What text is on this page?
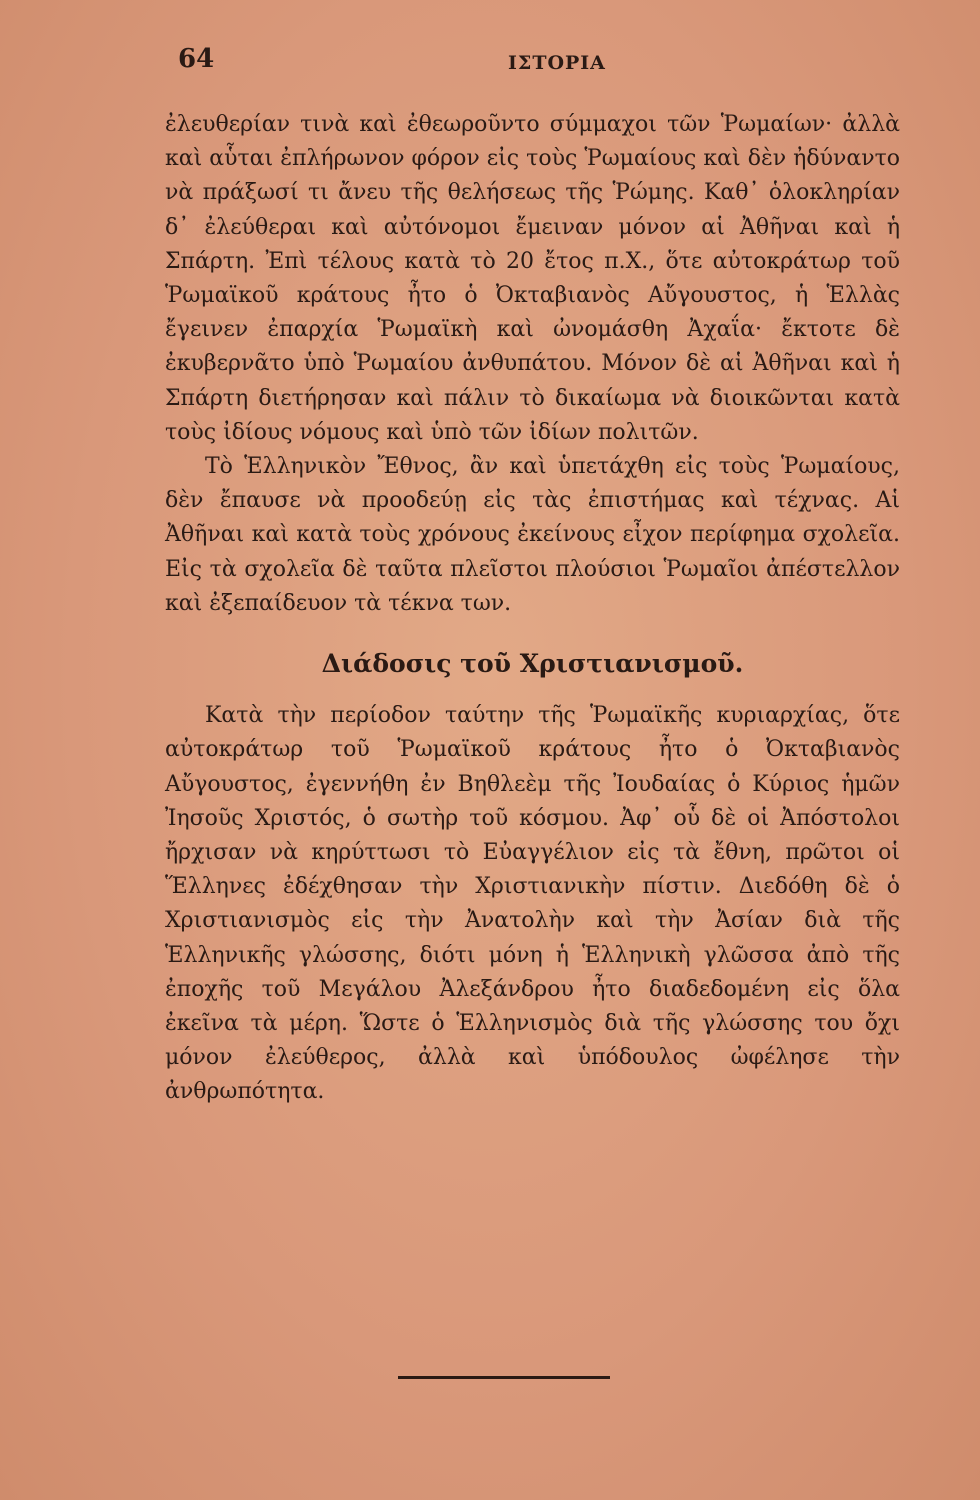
64	ΙΣΤΟΡΙΑ

ἐλευθερίαν τινὰ καὶ ἐθεωροῦντο σύμμαχοι τῶν Ῥωμαίων· ἀλλὰ καὶ αὗται ἐπλήρωνον φόρον εἰς τοὺς Ῥωμαίους καὶ δὲν ἠδύναντο νὰ πράξωσί τι ἄνευ τῆς θελήσεως τῆς Ῥώμης. Καθ᾽ ὁλοκληρίαν δ᾽ ἐλεύθεραι καὶ αὐτόνομοι ἔμειναν μόνον αἱ Ἀθῆναι καὶ ἡ Σπάρτη. Ἐπὶ τέλους κατὰ τὸ 20 ἔτος π.Χ., ὅτε αὐτοκράτωρ τοῦ Ῥωμαϊκοῦ κράτους ἦτο ὁ Ὀκταβιανὸς Αὔγουστος, ἡ Ἑλλὰς ἔγεινεν ἐπαρχία Ῥωμαϊκὴ καὶ ὠνομάσθη Ἀχαΐα· ἔκτοτε δὲ ἐκυβερνᾶτο ὑπὸ Ῥωμαίου ἀνθυπάτου. Μόνον δὲ αἱ Ἀθῆναι καὶ ἡ Σπάρτη διετήρησαν καὶ πάλιν τὸ δικαίωμα νὰ διοικῶνται κατὰ τοὺς ἰδίους νόμους καὶ ὑπὸ τῶν ἰδίων πολιτῶν.

Τὸ Ἑλληνικὸν Ἔθνος, ἂν καὶ ὑπετάχθη εἰς τοὺς Ῥωμαίους, δὲν ἔπαυσε νὰ προοδεύῃ εἰς τὰς ἐπιστήμας καὶ τέχνας. Αἱ Ἀθῆναι καὶ κατὰ τοὺς χρόνους ἐκείνους εἶχον περίφημα σχολεῖα. Εἰς τὰ σχολεῖα δὲ ταῦτα πλεῖστοι πλούσιοι Ῥωμαῖοι ἀπέστελλον καὶ ἐξεπαίδευον τὰ τέκνα των.

Διάδοσις τοῦ Χριστιανισμοῦ.

Κατὰ τὴν περίοδον ταύτην τῆς Ῥωμαϊκῆς κυριαρχίας, ὅτε αὐτοκράτωρ τοῦ Ῥωμαϊκοῦ κράτους ἦτο ὁ Ὀκταβιανὸς Αὔγουστος, ἐγεννήθη ἐν Βηθλεὲμ τῆς Ἰουδαίας ὁ Κύριος ἡμῶν Ἰησοῦς Χριστός, ὁ σωτὴρ τοῦ κόσμου. Ἀφ᾽ οὗ δὲ οἱ Ἀπόστολοι ἤρχισαν νὰ κηρύττωσι τὸ Εὐαγγέλιον εἰς τὰ ἔθνη, πρῶτοι οἱ Ἕλληνες ἐδέχθησαν τὴν Χριστιανικὴν πίστιν. Διεδόθη δὲ ὁ Χριστιανισμὸς εἰς τὴν Ἀνατολὴν καὶ τὴν Ἀσίαν διὰ τῆς Ἑλληνικῆς γλώσσης, διότι μόνη ἡ Ἑλληνικὴ γλῶσσα ἀπὸ τῆς ἐποχῆς τοῦ Μεγάλου Ἀλεξάνδρου ἦτο διαδεδομένη εἰς ὅλα ἐκεῖνα τὰ μέρη. Ὥστε ὁ Ἑλληνισμὸς διὰ τῆς γλώσσης του ὄχι μόνον ἐλεύθερος, ἀλλὰ καὶ ὑπόδουλος ὠφέλησε τὴν ἀνθρωπότητα.
